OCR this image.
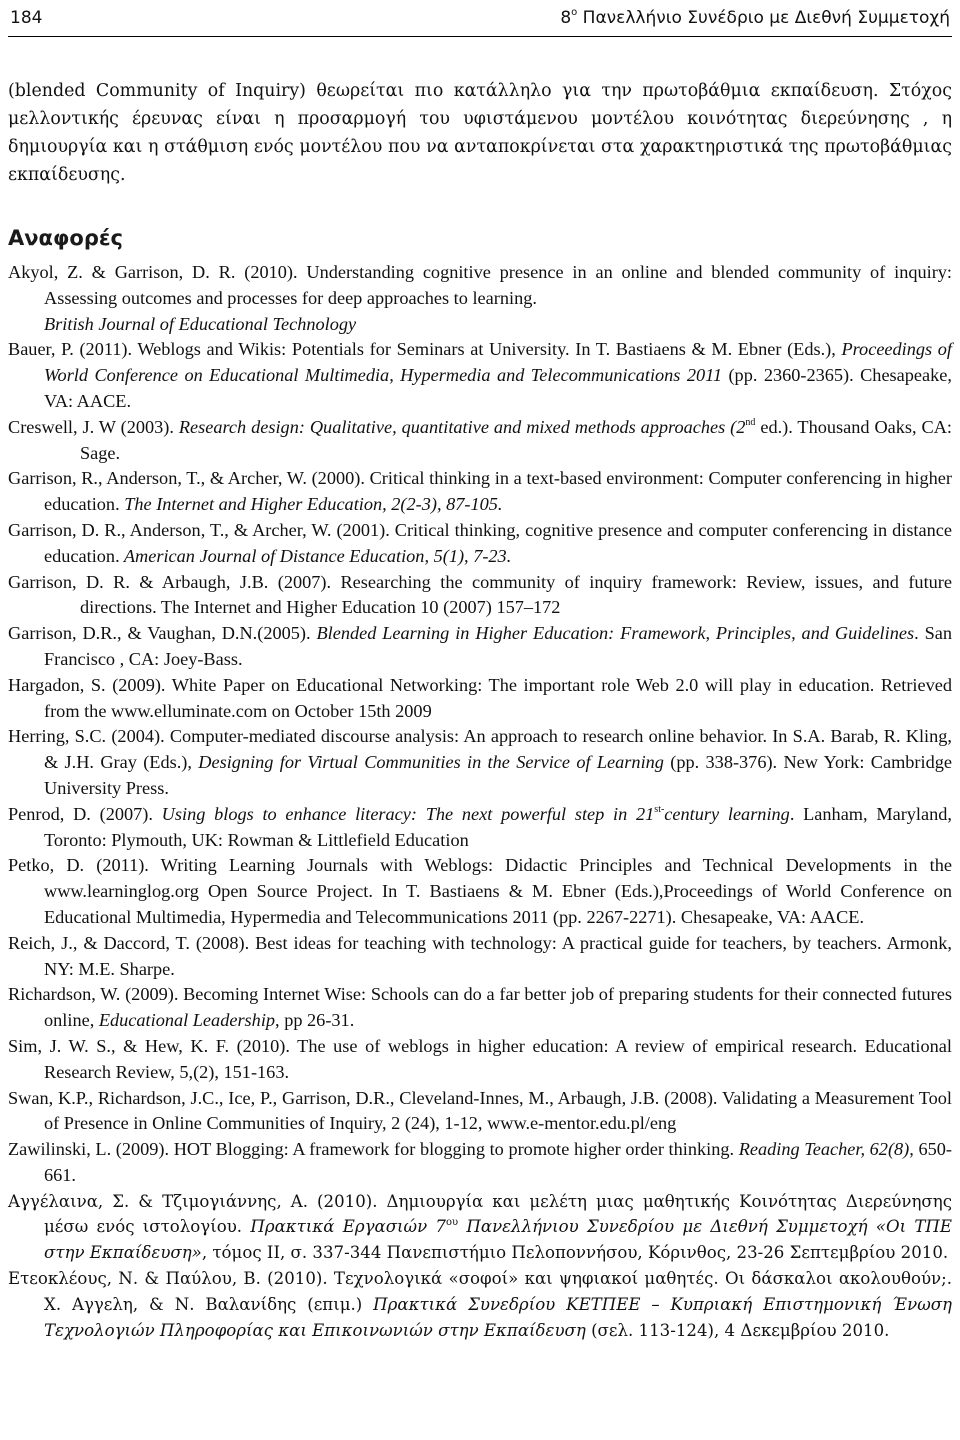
184	$8^o$ Πανελλήνιο Συνέδριο με Διεθνή Συμμετοχή
(blended Community of Inquiry) θεωρείται πιο κατάλληλο για την πρωτοβάθμια εκπαίδευση. Στόχος μελλοντικής έρευνας είναι η προσαρμογή του υφιστάμενου μοντέλου κοινότητας διερεύνησης , η δημιουργία και η στάθμιση ενός μοντέλου που να ανταποκρίνεται στα χαρακτηριστικά της πρωτοβάθμιας εκπαίδευσης.
Αναφορές
Akyol, Z. & Garrison, D. R. (2010). Understanding cognitive presence in an online and blended community of inquiry: Assessing outcomes and processes for deep approaches to learning.
British Journal of Educational Technology
Bauer, P. (2011). Weblogs and Wikis: Potentials for Seminars at University. In T. Bastiaens & M. Ebner (Eds.), Proceedings of World Conference on Educational Multimedia, Hypermedia and Telecommunications 2011 (pp. 2360-2365). Chesapeake, VA: AACE.
Creswell, J. W (2003). Research design: Qualitative, quantitative and mixed methods approaches (2nd ed.). Thousand Oaks, CA: Sage.
Garrison, R., Anderson, T., & Archer, W. (2000). Critical thinking in a text-based environment: Computer conferencing in higher education. The Internet and Higher Education, 2(2-3), 87-105.
Garrison, D. R., Anderson, T., & Archer, W. (2001). Critical thinking, cognitive presence and computer conferencing in distance education. American Journal of Distance Education, 5(1), 7-23.
Garrison, D. R. & Arbaugh, J.B. (2007). Researching the community of inquiry framework: Review, issues, and future directions. The Internet and Higher Education 10 (2007) 157–172
Garrison, D.R., & Vaughan, D.N.(2005). Blended Learning in Higher Education: Framework, Principles, and Guidelines. San Francisco , CA: Joey-Bass.
Hargadon, S. (2009). White Paper on Educational Networking: The important role Web 2.0 will play in education. Retrieved from the www.elluminate.com on October 15th 2009
Herring, S.C. (2004). Computer-mediated discourse analysis: An approach to research online behavior. In S.A. Barab, R. Kling, & J.H. Gray (Eds.), Designing for Virtual Communities in the Service of Learning (pp. 338-376). New York: Cambridge University Press.
Penrod, D. (2007). Using blogs to enhance literacy: The next powerful step in $21^{st-}century$ learning. Lanham, Maryland, Toronto: Plymouth, UK: Rowman & Littlefield Education
Petko, D. (2011). Writing Learning Journals with Weblogs: Didactic Principles and Technical Developments in the www.learninglog.org Open Source Project. In T. Bastiaens & M. Ebner (Eds.),Proceedings of World Conference on Educational Multimedia, Hypermedia and Telecommunications 2011 (pp. 2267-2271). Chesapeake, VA: AACE.
Reich, J., & Daccord, T. (2008). Best ideas for teaching with technology: A practical guide for teachers, by teachers. Armonk, NY: M.E. Sharpe.
Richardson, W. (2009). Becoming Internet Wise: Schools can do a far better job of preparing students for their connected futures online, Educational Leadership, pp 26-31.
Sim, J. W. S., & Hew, K. F. (2010). The use of weblogs in higher education: A review of empirical research. Educational Research Review, 5,(2), 151-163.
Swan, K.P., Richardson, J.C., Ice, P., Garrison, D.R., Cleveland-Innes, M., Arbaugh, J.B. (2008). Validating a Measurement Tool of Presence in Online Communities of Inquiry, 2 (24), 1-12, www.e-mentor.edu.pl/eng
Zawilinski, L. (2009). HOT Blogging: A framework for blogging to promote higher order thinking. Reading Teacher, 62(8), 650-661.
Αγγέλαινα, Σ. & Τζιμογιάννης, Α. (2010). Δημιουργία και μελέτη μιας μαθητικής Κοινότητας Διερεύνησης μέσω ενός ιστολογίου. Πρακτικά Εργασιών $7^{o\upsilon}$ Πανελλήνιου Συνεδρίου με Διεθνή Συμμετοχή «Οι ΤΠΕ στην Εκπαίδευση», τόμος ΙΙ, σ. 337-344 Πανεπιστήμιο Πελοποννήσου, Κόρινθος, 23-26 Σεπτεμβρίου 2010.
Ετεοκλέους, Ν. & Παύλου, Β. (2010). Τεχνολογικά «σοφοί» και ψηφιακοί μαθητές. Οι δάσκαλοι ακολουθούν;. Χ. Αγγελη, & Ν. Βαλανίδης (επιμ.) Πρακτικά Συνεδρίου ΚΕΤΠΕΕ – Κυπριακή Επιστημονική Ένωση Τεχνολογιών Πληροφορίας και Επικοινωνιών στην Εκπαίδευση (σελ. 113-124), 4 Δεκεμβρίου 2010.
